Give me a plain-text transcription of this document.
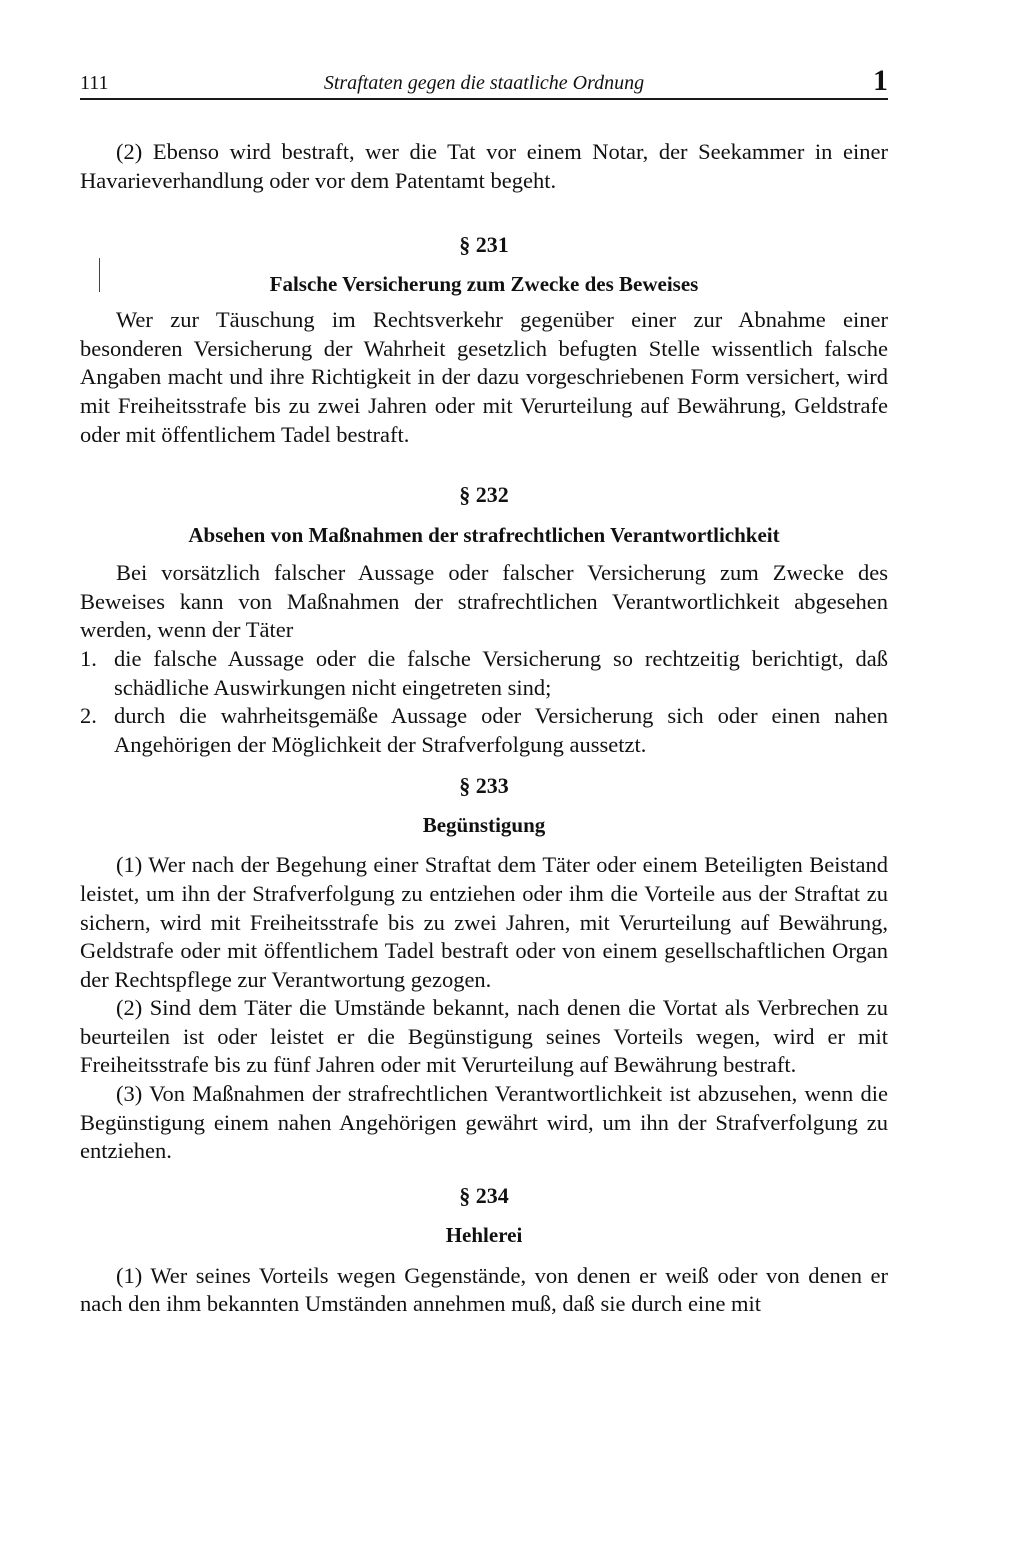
111	Straftaten gegen die staatliche Ordnung	1

(2) Ebenso wird bestraft, wer die Tat vor einem Notar, der Seekammer in einer Havarieverhandlung oder vor dem Patentamt begeht.

§ 231
Falsche Versicherung zum Zwecke des Beweises

Wer zur Täuschung im Rechtsverkehr gegenüber einer zur Abnahme einer besonderen Versicherung der Wahrheit gesetzlich befugten Stelle wissentlich falsche Angaben macht und ihre Richtigkeit in der dazu vorgeschriebenen Form versichert, wird mit Freiheitsstrafe bis zu zwei Jahren oder mit Verurteilung auf Bewährung, Geldstrafe oder mit öffentlichem Tadel bestraft.

§ 232
Absehen von Maßnahmen der strafrechtlichen Verantwortlichkeit

Bei vorsätzlich falscher Aussage oder falscher Versicherung zum Zwecke des Beweises kann von Maßnahmen der strafrechtlichen Verantwortlichkeit abgesehen werden, wenn der Täter

1. die falsche Aussage oder die falsche Versicherung so rechtzeitig berichtigt, daß schädliche Auswirkungen nicht eingetreten sind;
2. durch die wahrheitsgemäße Aussage oder Versicherung sich oder einen nahen Angehörigen der Möglichkeit der Strafverfolgung aussetzt.
§ 233
Begünstigung

(1) Wer nach der Begehung einer Straftat dem Täter oder einem Beteiligten Beistand leistet, um ihn der Strafverfolgung zu entziehen oder ihm die Vorteile aus der Straftat zu sichern, wird mit Freiheitsstrafe bis zu zwei Jahren, mit Verurteilung auf Bewährung, Geldstrafe oder mit öffentlichem Tadel bestraft oder von einem gesellschaftlichen Organ der Rechtspflege zur Verantwortung gezogen.

(2) Sind dem Täter die Umstände bekannt, nach denen die Vortat als Verbrechen zu beurteilen ist oder leistet er die Begünstigung seines Vorteils wegen, wird er mit Freiheitsstrafe bis zu fünf Jahren oder mit Verurteilung auf Bewährung bestraft.

(3) Von Maßnahmen der strafrechtlichen Verantwortlichkeit ist abzusehen, wenn die Begünstigung einem nahen Angehörigen gewährt wird, um ihn der Strafverfolgung zu entziehen.

§ 234
Hehlerei

(1) Wer seines Vorteils wegen Gegenstände, von denen er weiß oder von denen er nach den ihm bekannten Umständen annehmen muß, daß sie durch eine mit
